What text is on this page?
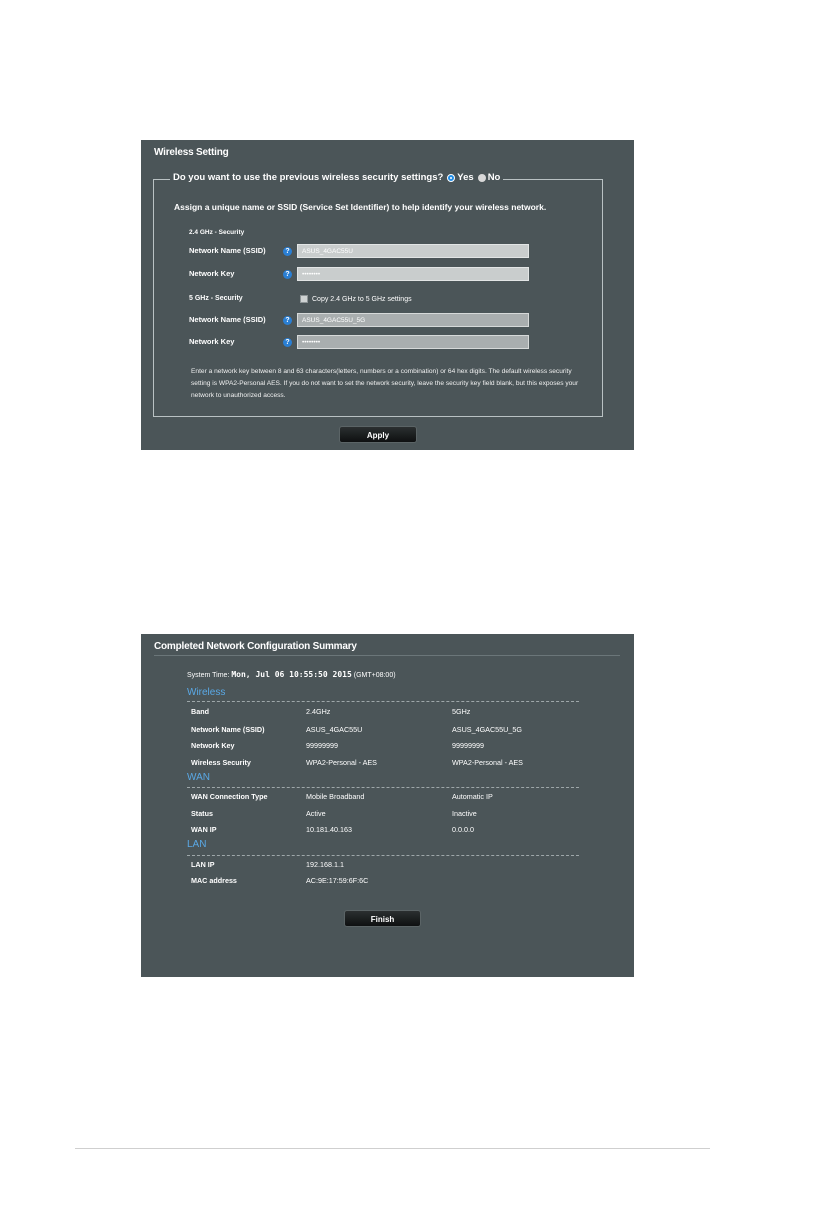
Wireless Setting
Do you want to use the previous wireless security settings? Yes No
Assign a unique name or SSID (Service Set Identifier) to help identify your wireless network.
2.4 GHz - Security
Network Name (SSID)	?	ASUS_4GAC55U
Network Key	?	••••••••
5 GHz - Security	Copy 2.4 GHz to 5 GHz settings
Network Name (SSID)	?	ASUS_4GAC55U_5G
Network Key	?	••••••••
Enter a network key between 8 and 63 characters(letters, numbers or a combination) or 64 hex digits. The default wireless security setting is WPA2-Personal AES. If you do not want to set the network security, leave the security key field blank, but this exposes your network to unauthorized access.
Apply
Completed Network Configuration Summary
System Time: Mon, Jul 06 10:55:50 2015 (GMT+08:00)
Wireless
Band	2.4GHz	5GHz
Network Name (SSID)	ASUS_4GAC55U	ASUS_4GAC55U_5G
Network Key	99999999	99999999
Wireless Security	WPA2-Personal - AES	WPA2-Personal - AES
WAN
WAN Connection Type	Mobile Broadband	Automatic IP
Status	Active	Inactive
WAN IP	10.181.40.163	0.0.0.0
LAN
LAN IP	192.168.1.1
MAC address	AC:9E:17:59:6F:6C
Finish
